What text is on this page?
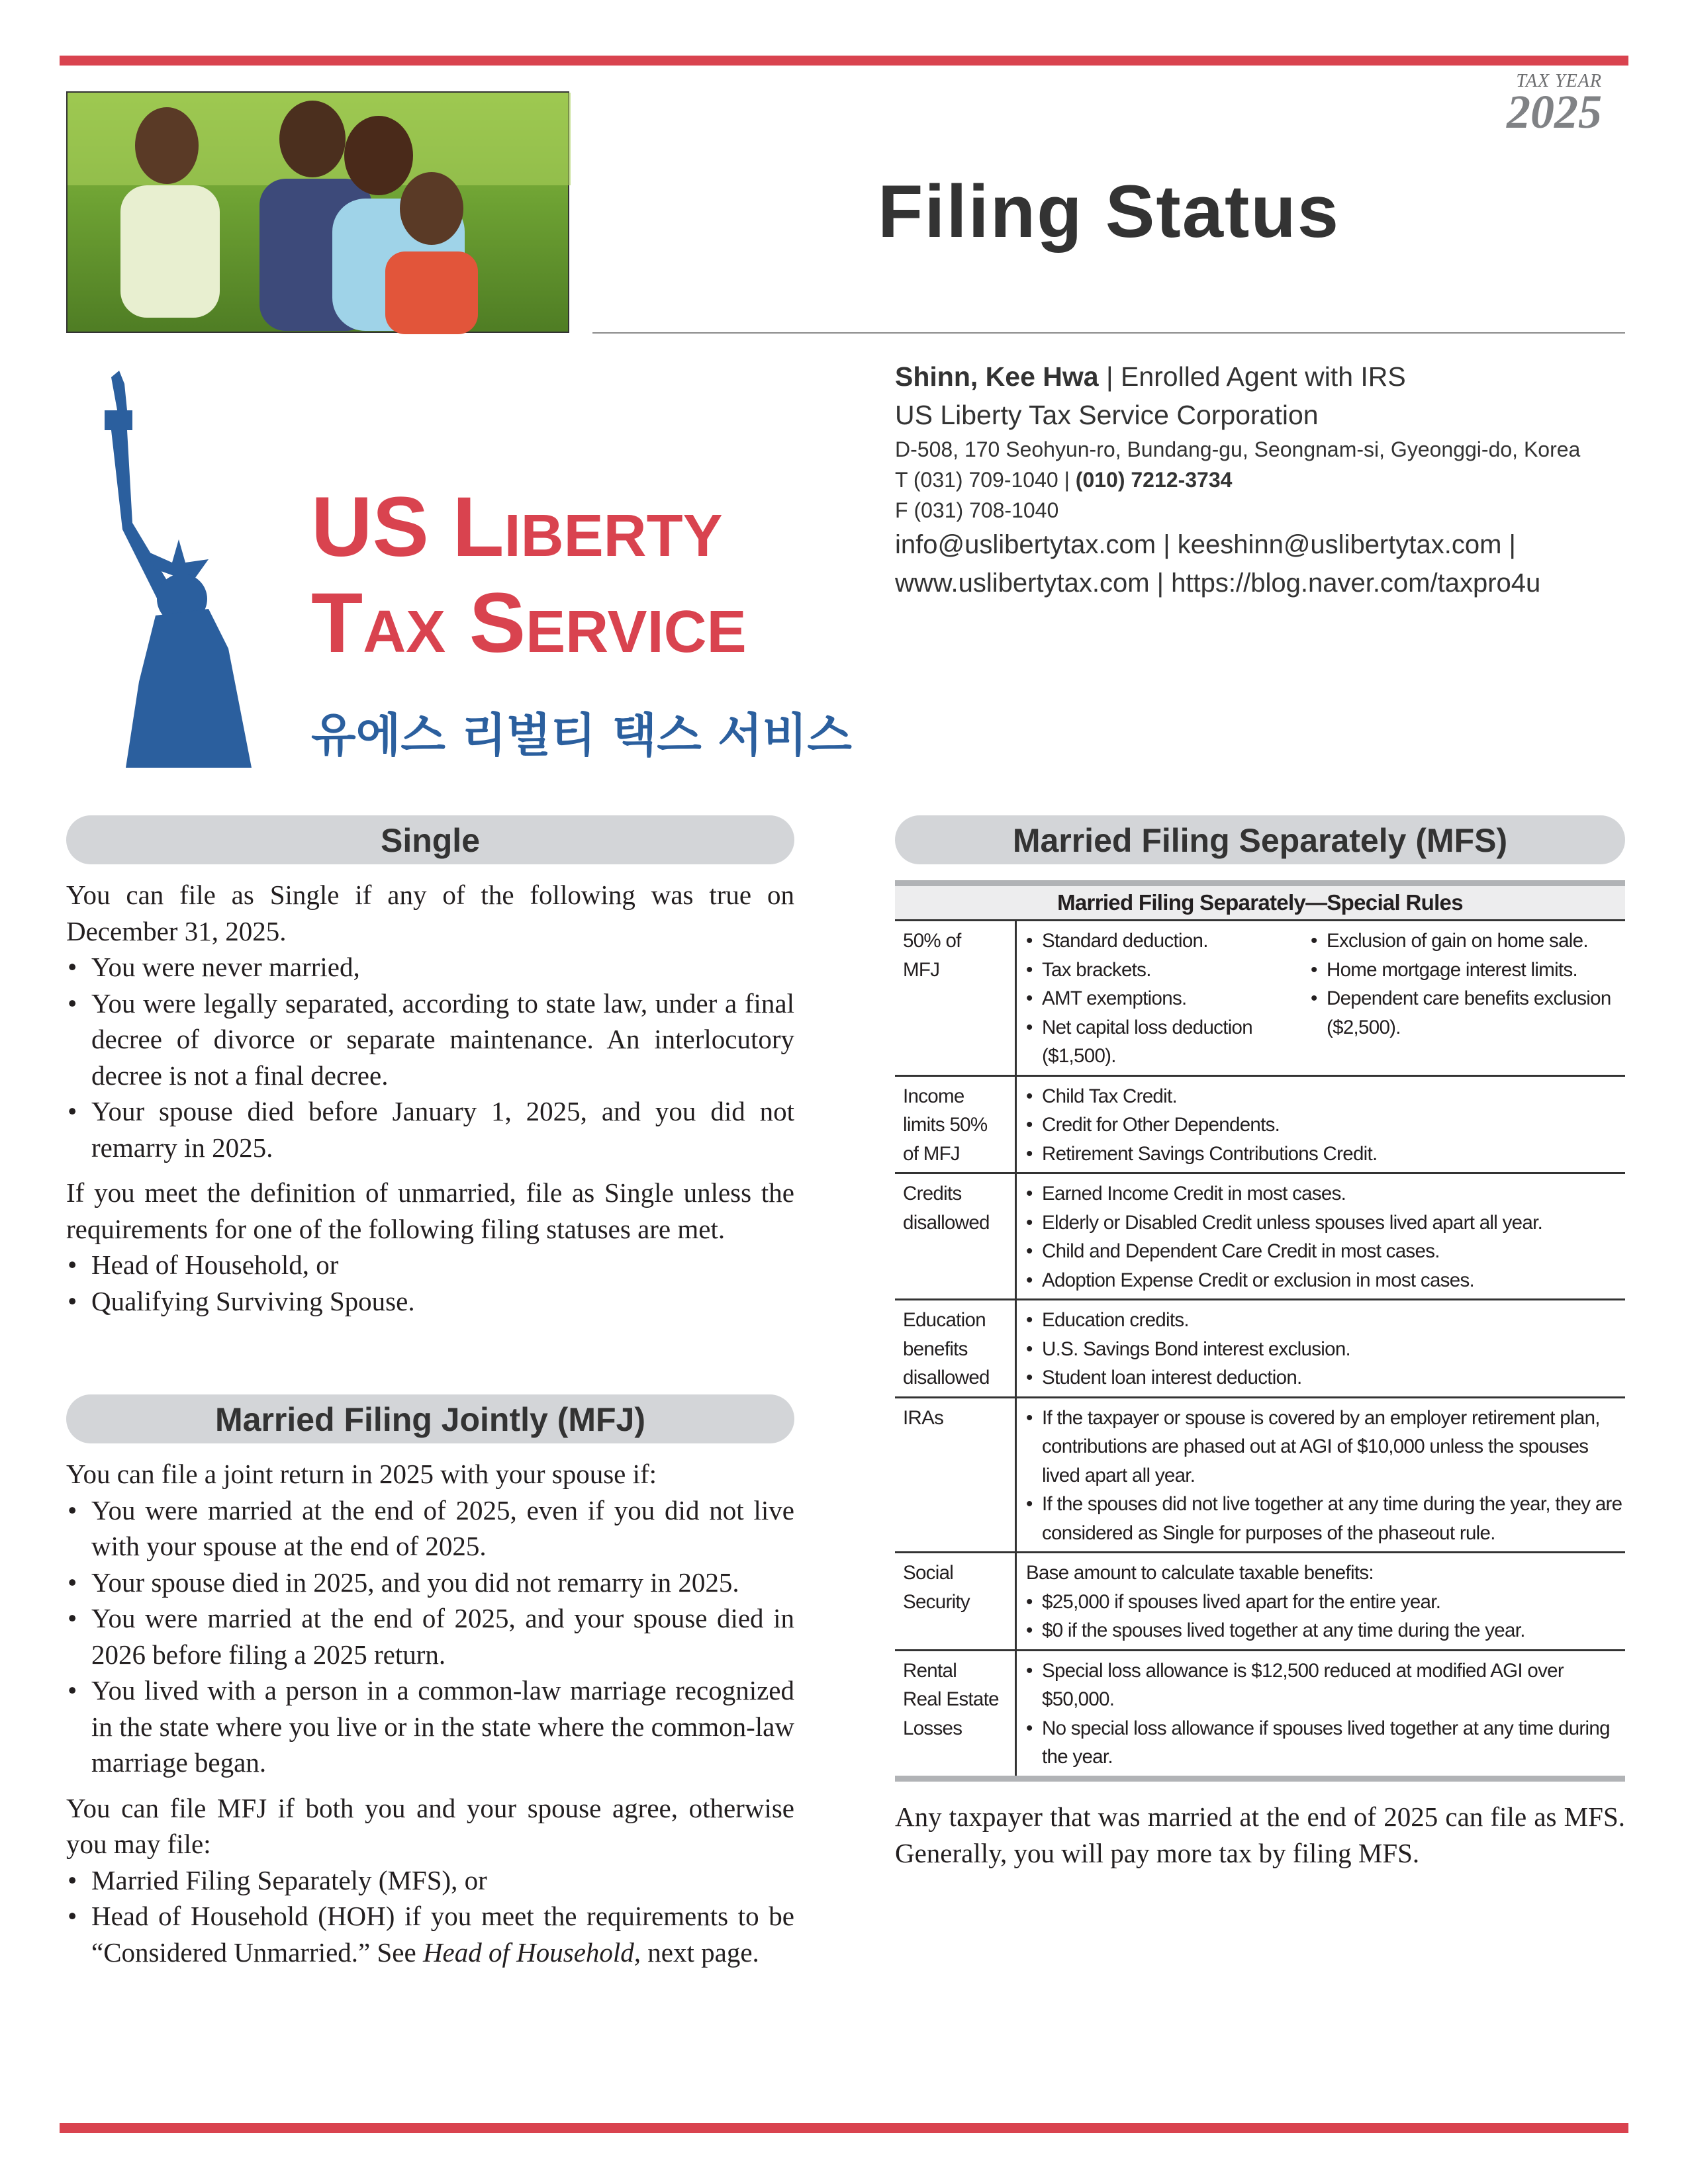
TAX YEAR
2025
Filing Status
Shinn, Kee Hwa | Enrolled Agent with IRS
US Liberty Tax Service Corporation
D-508, 170 Seohyun-ro, Bundang-gu, Seongnam-si, Gyeonggi-do, Korea
T (031) 709-1040 | (010) 7212-3734
F (031) 708-1040
info@uslibertytax.com | keeshinn@uslibertytax.com |
www.uslibertytax.com | https://blog.naver.com/taxpro4u
US Liberty
Tax Service
유에스 리벌티 택스 서비스
Single

You can file as Single if any of the following was true on December 31, 2025.

• You were never married,
• You were legally separated, according to state law, under a final decree of divorce or separate maintenance. An interlocutory decree is not a final decree.
• Your spouse died before January 1, 2025, and you did not remarry in 2025.

If you meet the definition of unmarried, file as Single unless the requirements for one of the following filing statuses are met.

• Head of Household, or
• Qualifying Surviving Spouse.
Married Filing Jointly (MFJ)

You can file a joint return in 2025 with your spouse if:

• You were married at the end of 2025, even if you did not live with your spouse at the end of 2025.
• Your spouse died in 2025, and you did not remarry in 2025.
• You were married at the end of 2025, and your spouse died in 2026 before filing a 2025 return.
• You lived with a person in a common-law marriage recognized in the state where you live or in the state where the common-law marriage began.

You can file MFJ if both you and your spouse agree, otherwise you may file:

• Married Filing Separately (MFS), or
• Head of Household (HOH) if you meet the requirements to be “Considered Unmarried.” See Head of Household, next page.
Married Filing Separately (MFS)
Married Filing Separately—Special Rules
50% of
MFJ
• Standard deduction.
• Tax brackets.
• AMT exemptions.
• Net capital loss deduction ($1,500).
• Exclusion of gain on home sale.
• Home mortgage interest limits.
• Dependent care benefits exclusion ($2,500).
Income
limits 50%
of MFJ
• Child Tax Credit.
• Credit for Other Dependents.
• Retirement Savings Contributions Credit.
Credits
disallowed
• Earned Income Credit in most cases.
• Elderly or Disabled Credit unless spouses lived apart all year.
• Child and Dependent Care Credit in most cases.
• Adoption Expense Credit or exclusion in most cases.
Education
benefits
disallowed
• Education credits.
• U.S. Savings Bond interest exclusion.
• Student loan interest deduction.
IRAs	• If the taxpayer or spouse is covered by an employer retirement plan, contributions are phased out at AGI of $10,000 unless the spouses lived apart all year.
• If the spouses did not live together at any time during the year, they are considered as Single for purposes of the phaseout rule.
Social
Security
Base amount to calculate taxable benefits:
• $25,000 if spouses lived apart for the entire year.
• $0 if the spouses lived together at any time during the year.
Rental
Real Estate
Losses
• Special loss allowance is $12,500 reduced at modified AGI over $50,000.
• No special loss allowance if spouses lived together at any time during the year.
Any taxpayer that was married at the end of 2025 can file as MFS. Generally, you will pay more tax by filing MFS.
